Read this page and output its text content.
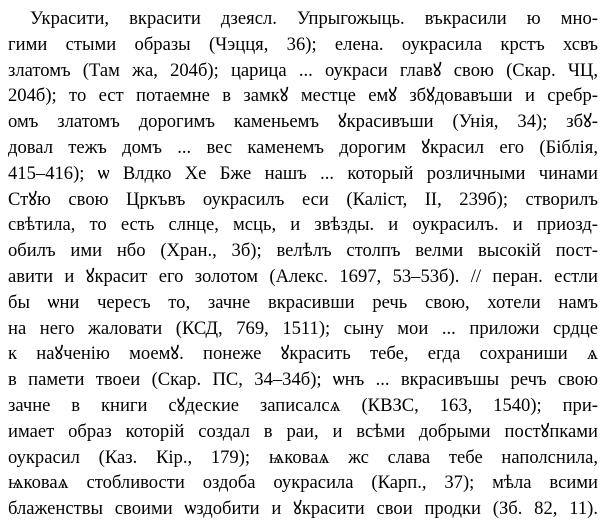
Украсити, вкрасити дзеясл. Упрыгожыць. въкрасили ю мно-
гими стыми образы (Чэцця, 36); елена. оукрасила крстъ хсвъ
златомъ (Там жа, 204б); царица ... оукраси главꙋ свою (Скар. ЧЦ,
204б); то ест потаемне в замкꙋ местце емꙋ збꙋдовавъши и сребр-
омъ златомъ дорогимъ каменьемъ ꙋкрасивъши (Унія, 34); збꙋ-
довал тежъ домъ ... вес каменемъ дорогим ꙋкрасил его (Біблія,
415–416); ѡ Влдко Хе Бже нашъ ... который розличными чинами
Стꙋю свою Цркъвъ оукрасилъ еси (Каліст, II, 239б); створилъ
свѣтила, то есть слнце, мсць, и звѣзды. и оукрасилъ. и приозд-
обилъ ими нбо (Хран., 3б); велѣлъ столпъ велми высокій пост-
авити и ꙋкрасит его золотом (Алекс. 1697, 53–53б). // перан. естли
бы ѡни чересъ то, зачне вкрасивши речь свою, хотели намъ
на него жаловати (КСД, 769, 1511); сыну мои ... приложи срдце
к наꙋченію моемꙋ. понеже ꙋкрасить тебе, егда сохраниши ѧ
в памети твоеи (Скар. ПС, 34–34б); ѡнъ ... вкрасивъшы речъ свою
зачне в книги сꙋдеские записалсѧ (КВЗС, 163, 1540); при-
имает образ которій создал в раи, и всѣми добрыми постꙋпками
оукрасил (Каз. Кір., 179); ѩковаѧ жс слава тебе наполснила,
ѩковаѧ стобливости оздоба оукрасила (Карп., 37); мѣла всими
блаженствы своими ѡздобити и ꙋкрасити свои продки (Зб. 82, 11).
